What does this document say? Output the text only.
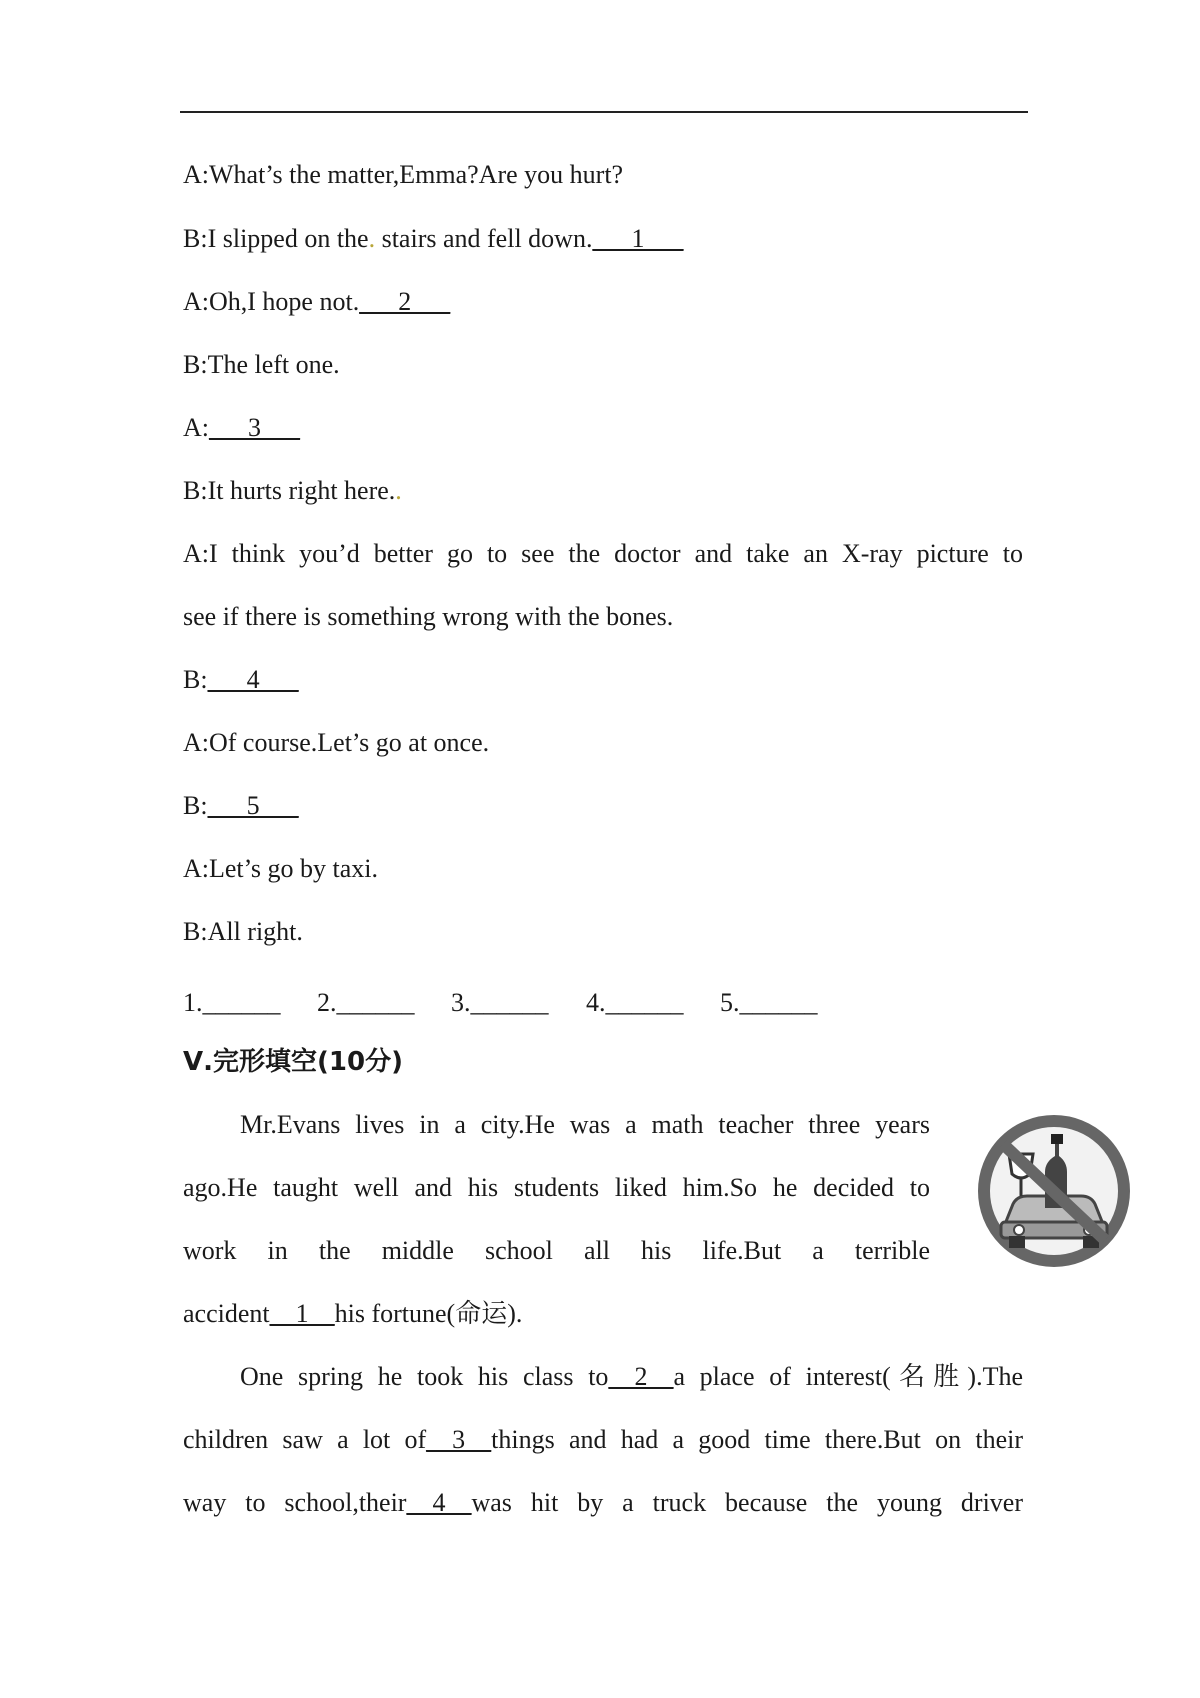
A:What’s the matter,Emma?Are you hurt?
B:I slipped on the. stairs and fell down.___1___
A:Oh,I hope not.___2___
B:The left one.
A:___3___
B:It hurts right here..
A:I think you’d better go to see the doctor and take an X-ray picture to
see if there is something wrong with the bones.
B:___4___
A:Of course.Let’s go at once.
B:___5___
A:Let’s go by taxi.
B:All right.
1.______ 2.______ 3.______ 4.______ 5.______
Ⅴ.完形填空(10分)
Mr.Evans lives in a city.He was a math teacher three years
ago.He taught well and his students liked him.So he decided to
work in the middle school all his life.But a terrible
accident__1__his fortune(命运).
One spring he took his class to__2__a place of interest(名胜).The
children saw a lot of__3__things and had a good time there.But on their
way to school,their__4__was hit by a truck because the young driver
